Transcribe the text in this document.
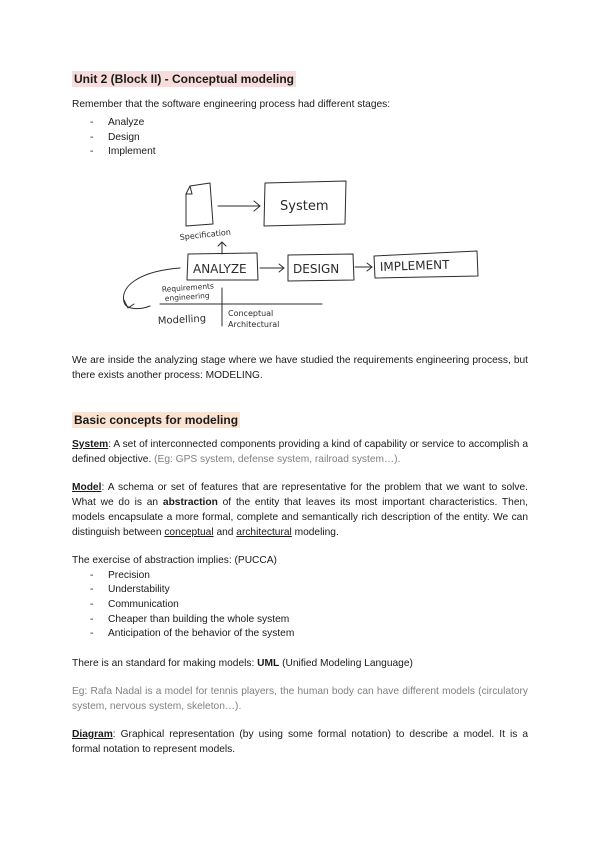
Unit 2 (Block II) - Conceptual modeling

Remember that the software engineering process had different stages:

- Analyze
- Design
- Implement

We are inside the analyzing stage where we have studied the requirements engineering process, but there exists another process: MODELING.

Basic concepts for modeling

System: A set of interconnected components providing a kind of capability or service to accomplish a defined objective. (Eg: GPS system, defense system, railroad system…).

Model: A schema or set of features that are representative for the problem that we want to solve. What we do is an abstraction of the entity that leaves its most important characteristics. Then, models encapsulate a more formal, complete and semantically rich description of the entity. We can distinguish between conceptual and architectural modeling.

The exercise of abstraction implies: (PUCCA)

- Precision
- Understability
- Communication
- Cheaper than building the whole system
- Anticipation of the behavior of the system

There is an standard for making models: UML (Unified Modeling Language)

Eg: Rafa Nadal is a model for tennis players, the human body can have different models (circulatory system, nervous system, skeleton…).

Diagram: Graphical representation (by using some formal notation) to describe a model. It is a formal notation to represent models.

System
Specification
ANALYZE	DESIGN	IMPLEMENT
Requirements
engineering
Modelling	Conceptual
Architectural
